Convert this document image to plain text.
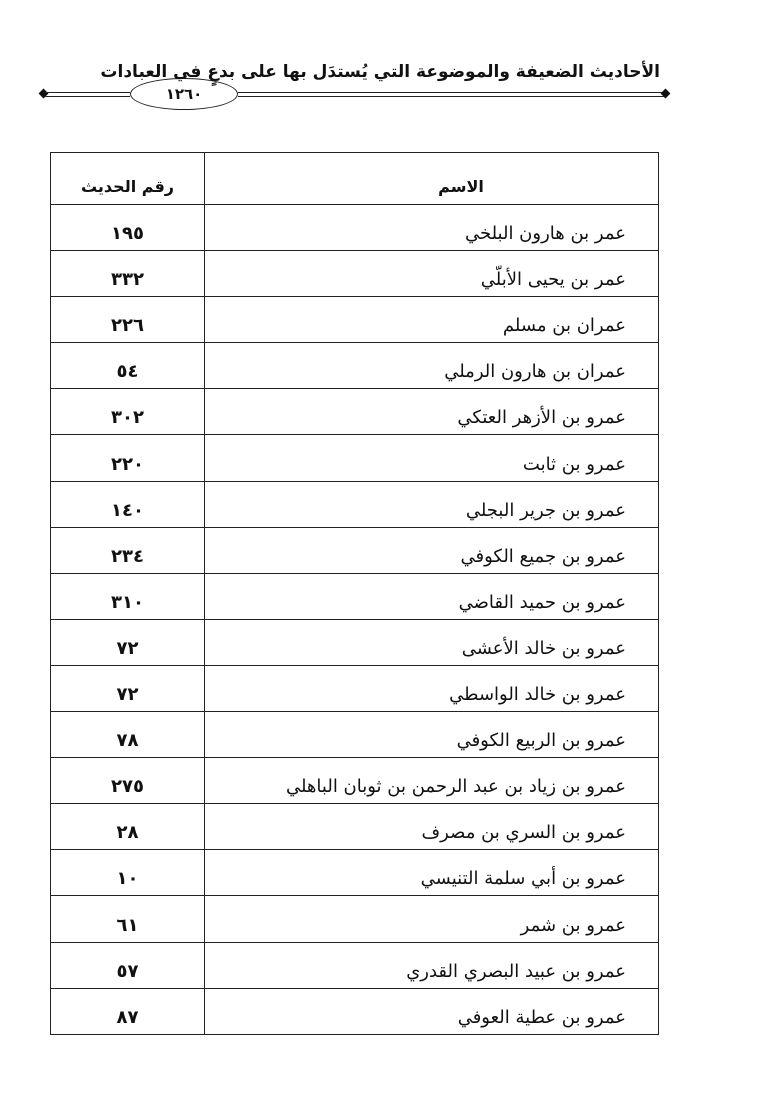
١٢٦٠
الأحاديث الضعيفة والموضوعة التي يُستدَل بها على بدعٍ في العبادات
الاسم	رقم الحديث
عمر بن هارون البلخي	١٩٥
عمر بن يحيى الأبلّي	٣٣٢
عمران بن مسلم	٢٢٦
عمران بن هارون الرملي	٥٤
عمرو بن الأزهر العتكي	٣٠٢
عمرو بن ثابت	٢٢٠
عمرو بن جرير البجلي	١٤٠
عمرو بن جميع الكوفي	٢٣٤
عمرو بن حميد القاضي	٣١٠
عمرو بن خالد الأعشى	٧٢
عمرو بن خالد الواسطي	٧٢
عمرو بن الربيع الكوفي	٧٨
عمرو بن زياد بن عبد الرحمن بن ثوبان الباهلي	٢٧٥
عمرو بن السري بن مصرف	٢٨
عمرو بن أبي سلمة التنيسي	١٠
عمرو بن شمر	٦١
عمرو بن عبيد البصري القدري	٥٧
عمرو بن عطية العوفي	٨٧
